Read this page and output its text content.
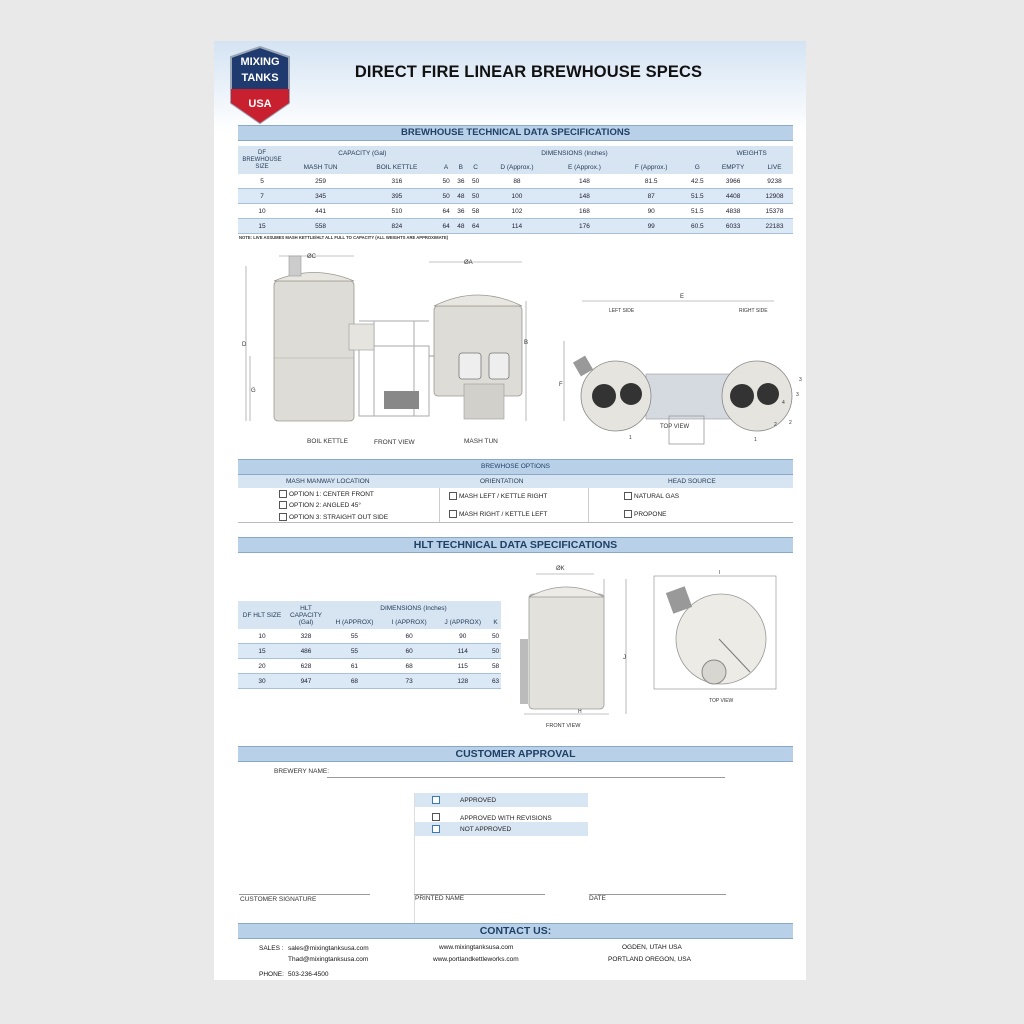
MIXING
TANKS
USA
DIRECT FIRE LINEAR BREWHOUSE SPECS
BREWHOUSE TECHNICAL DATA SPECIFICATIONS
DF BREWHOUSE SIZE	CAPACITY (Gal)		DIMENSIONS (Inches)							WEIGHTS	
	MASH TUN	BOIL KETTLE	A	B	C	D (Approx.)	E (Approx.)	F (Approx.)	G	EMPTY	LIVE
5	259	316	50	36	50	88	148	81.5	42.5	3966	9238
7	345	395	50	48	50	100	148	87	51.5	4408	12908
10	441	510	64	36	58	102	168	90	51.5	4838	15378
15	558	824	64	48	64	114	176	99	60.5	6033	22183
NOTE: LIVE ASSUMES MASH KETTLE/HLT ALL FULL TO CAPACITY (ALL WEIGHTS ARE APPROXIMATE)
D
G
ØC
ØA
B
BOIL KETTLE	MASH TUN
E
F
LEFT SIDE	RIGHT SIDE
1
4
3
2
1
2
3
TOP VIEW
FRONT VIEW
BREWHOSE OPTIONS
MASH MANWAY LOCATION	ORIENTATION	HEAD SOURCE
OPTION 1: CENTER FRONT
OPTION 2: ANGLED 45°
OPTION 3: STRAIGHT OUT SIDE
MASH LEFT / KETTLE RIGHT
MASH RIGHT / KETTLE LEFT
NATURAL GAS
PROPONE
HLT TECHNICAL DATA SPECIFICATIONS
DF HLT SIZE	HLT CAPACITY (Gal)	DIMENSIONS (Inches)			
		H (APPROX)	I (APPROX)	J (APPROX)	K
10	328	55	60	90	50
15	486	55	60	114	50
20	628	61	68	115	58
30	947	68	73	128	63
ØK
J
H
FRONT VIEW
I
TOP VIEW
CUSTOMER APPROVAL
BREWERY NAME:
APPROVED
APPROVED WITH REVISIONS
NOT APPROVED
CUSTOMER SIGNATURE	PRINTED NAME	DATE
CONTACT US:
SALES : sales@mixingtanksusa.com
Thad@mixingtanksusa.com
www.mixingtanksusa.com
www.portlandkettleworks.com
OGDEN, UTAH USA
PORTLAND OREGON, USA
PHONE: 503-236-4500
